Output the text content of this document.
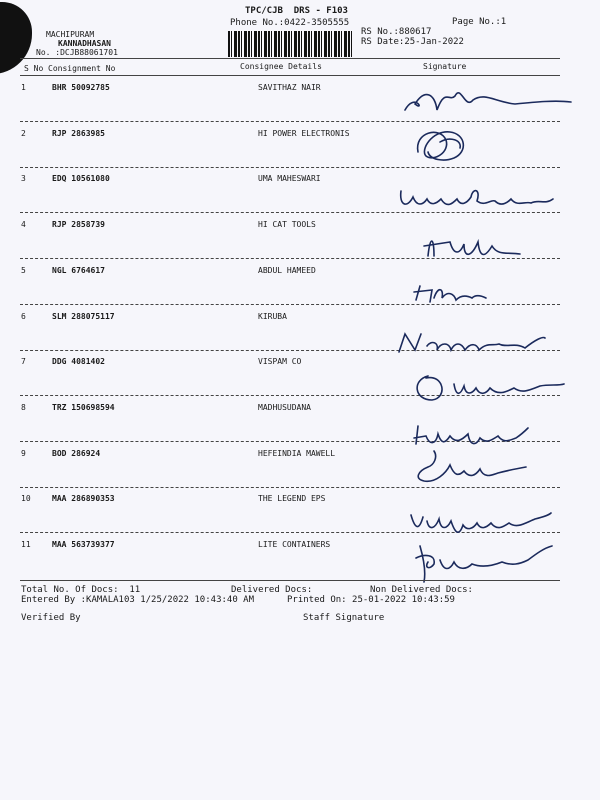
TPC/CJB  DRS - F103
Phone No.:0422-3505555
MACHIPURAM
KANNADHASAN
No. :DCJB88061701
RS No.:880617
RS Date:25-Jan-2022
Page No.:1
S No Consignment No	Consignee Details	Signature
1	BHR 50092785	SAVITHAZ NAIR
2	RJP 2863985	HI POWER ELECTRONIS
3	EDQ 10561080	UMA MAHESWARI
4	RJP 2858739	HI CAT TOOLS
5	NGL 6764617	ABDUL HAMEED
6	SLM 288075117	KIRUBA
7	DDG 4081402	VISPAM CO
8	TRZ 150698594	MADHUSUDANA
9	BOD 286924	HEFEINDIA MAWELL
10	MAA 286890353	THE LEGEND EPS
11	MAA 563739377	LITE CONTAINERS
Total No. Of Docs:  11	Delivered Docs:	Non Delivered Docs:
Entered By :KAMALA103 1/25/2022 10:43:40 AM	Printed On: 25-01-2022 10:43:59
Verified By	Staff Signature
